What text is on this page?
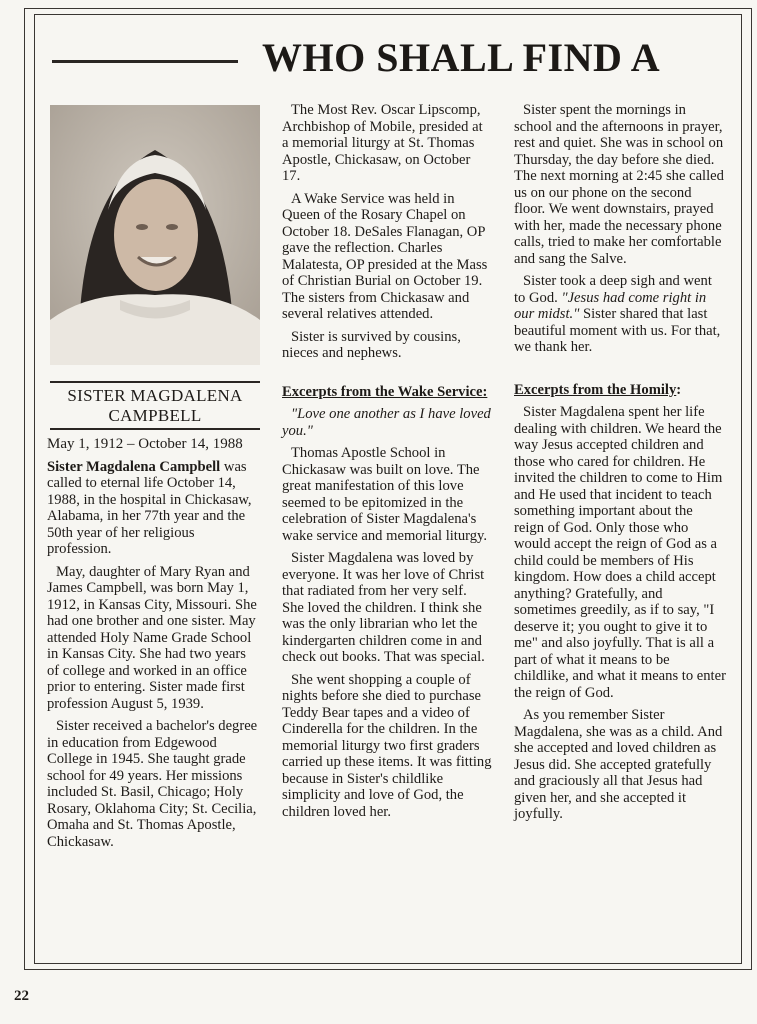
WHO SHALL FIND A
SISTER MAGDALENA
CAMPBELL

May 1, 1912 – October 14, 1988

Sister Magdalena Campbell was called to eternal life October 14, 1988, in the hospital in Chickasaw, Alabama, in her 77th year and the 50th year of her religious profession.

May, daughter of Mary Ryan and James Campbell, was born May 1, 1912, in Kansas City, Missouri. She had one brother and one sister. May attended Holy Name Grade School in Kansas City. She had two years of college and worked in an office prior to entering. Sister made first profession August 5, 1939.

Sister received a bachelor's degree in education from Edgewood College in 1945. She taught grade school for 49 years. Her missions included St. Basil, Chicago; Holy Rosary, Oklahoma City; St. Cecilia, Omaha and St. Thomas Apostle, Chickasaw.

The Most Rev. Oscar Lipscomp, Archbishop of Mobile, presided at a memorial liturgy at St. Thomas Apostle, Chickasaw, on October 17.

A Wake Service was held in Queen of the Rosary Chapel on October 18. DeSales Flanagan, OP gave the reflection. Charles Malatesta, OP presided at the Mass of Christian Burial on October 19. The sisters from Chickasaw and several relatives attended.

Sister is survived by cousins, nieces and nephews.

Excerpts from the Wake Service:

"Love one another as I have loved you."

Thomas Apostle School in Chickasaw was built on love. The great manifestation of this love seemed to be epitomized in the celebration of Sister Magdalena's wake service and memorial liturgy.

Sister Magdalena was loved by everyone. It was her love of Christ that radiated from her very self. She loved the children. I think she was the only librarian who let the kindergarten children come in and check out books. That was special.

She went shopping a couple of nights before she died to purchase Teddy Bear tapes and a video of Cinderella for the children. In the memorial liturgy two first graders carried up these items. It was fitting because in Sister's childlike simplicity and love of God, the children loved her.

Sister spent the mornings in school and the afternoons in prayer, rest and quiet. She was in school on Thursday, the day before she died. The next morning at 2:45 she called us on our phone on the second floor. We went downstairs, prayed with her, made the necessary phone calls, tried to make her comfortable and sang the Salve.

Sister took a deep sigh and went to God. "Jesus had come right in our midst." Sister shared that last beautiful moment with us. For that, we thank her.

Excerpts from the Homily:

Sister Magdalena spent her life dealing with children. We heard the way Jesus accepted children and those who cared for children. He invited the children to come to Him and He used that incident to teach something important about the reign of God. Only those who would accept the reign of God as a child could be members of His kingdom. How does a child accept anything? Gratefully, and sometimes greedily, as if to say, "I deserve it; you ought to give it to me" and also joyfully. That is all a part of what it means to be childlike, and what it means to enter the reign of God.

As you remember Sister Magdalena, she was as a child. And she accepted and loved children as Jesus did. She accepted gratefully and graciously all that Jesus had given her, and she accepted it joyfully.

22
